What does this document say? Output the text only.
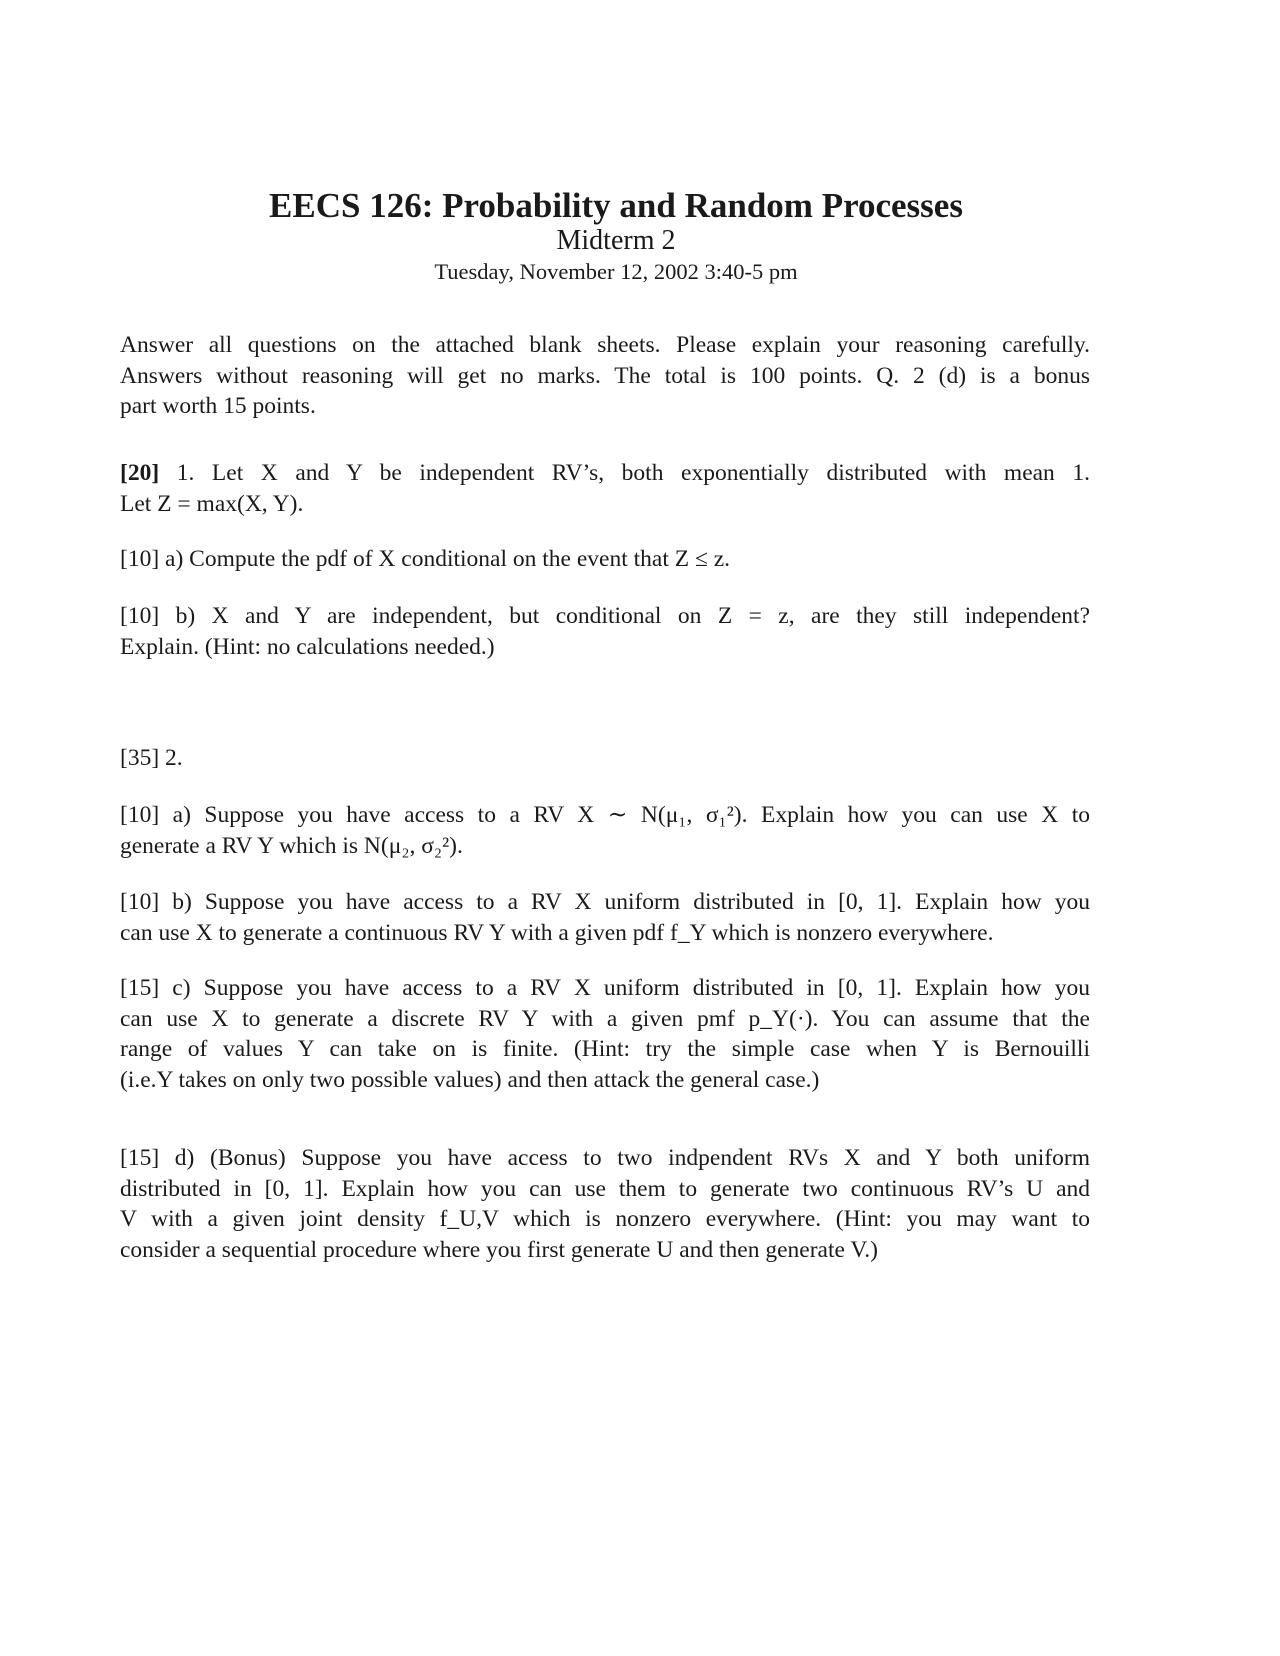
EECS 126: Probability and Random Processes
Midterm 2
Tuesday, November 12, 2002 3:40-5 pm
Answer all questions on the attached blank sheets. Please explain your reasoning carefully.
Answers without reasoning will get no marks. The total is 100 points. Q. 2 (d) is a bonus
part worth 15 points.
[20] 1. Let X and Y be independent RV’s, both exponentially distributed with mean 1.
Let Z = max(X, Y).
[10] a) Compute the pdf of X conditional on the event that Z ≤ z.
[10] b) X and Y are independent, but conditional on Z = z, are they still independent?
Explain. (Hint: no calculations needed.)
[35] 2.
[10] a) Suppose you have access to a RV X ∼ N(μ₁, σ₁²). Explain how you can use X to
generate a RV Y which is N(μ₂, σ₂²).
[10] b) Suppose you have access to a RV X uniform distributed in [0, 1]. Explain how you
can use X to generate a continuous RV Y with a given pdf f_Y which is nonzero everywhere.
[15] c) Suppose you have access to a RV X uniform distributed in [0, 1]. Explain how you
can use X to generate a discrete RV Y with a given pmf p_Y(·). You can assume that the
range of values Y can take on is finite. (Hint: try the simple case when Y is Bernouilli
(i.e.Y takes on only two possible values) and then attack the general case.)
[15] d) (Bonus) Suppose you have access to two indpendent RVs X and Y both uniform
distributed in [0, 1]. Explain how you can use them to generate two continuous RV’s U and
V with a given joint density f_U,V which is nonzero everywhere. (Hint: you may want to
consider a sequential procedure where you first generate U and then generate V.)
